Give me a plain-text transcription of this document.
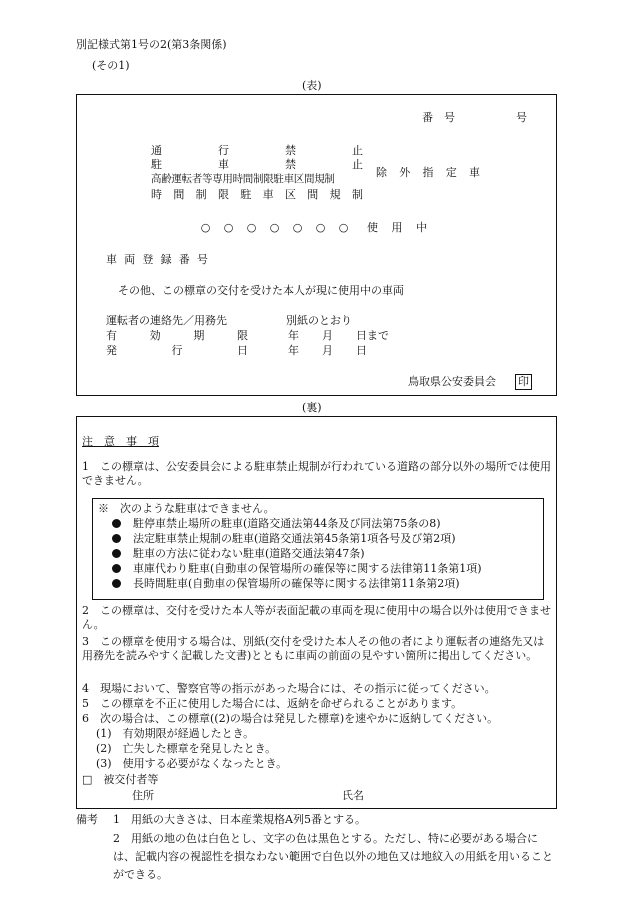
別記様式第1号の2(第3条関係)
(その1)
(表)
番　号	号
通	行	禁	止
駐	車	禁	止
高齢運転者等専用時間制限駐車区間規制
時 間 制 限 駐 車 区 間 規 制
除 外 指 定 車
○ ○ ○ ○ ○ ○ ○ 使 用 中
車 両 登 録 番 号
その他、この標章の交付を受けた本人が現に使用中の車両
運転者の連絡先／用務先	別紙のとおり
有	効	期	限	年 月 日まで
発	行	日	年 月 日
鳥取県公安委員会 印
(裏)
注　意　事　項
1　この標章は、公安委員会による駐車禁止規制が行われている道路の部分以外の場所では使用できません。
※　次のような駐車はできません。
駐停車禁止場所の駐車(道路交通法第44条及び同法第75条の8)
法定駐車禁止規制の駐車(道路交通法第45条第1項各号及び第2項)
駐車の方法に従わない駐車(道路交通法第47条)
車庫代わり駐車(自動車の保管場所の確保等に関する法律第11条第1項)
長時間駐車(自動車の保管場所の確保等に関する法律第11条第2項)
2　この標章は、交付を受けた本人等が表面記載の車両を現に使用中の場合以外は使用できません。
3　この標章を使用する場合は、別紙(交付を受けた本人その他の者により運転者の連絡先又は用務先を読みやすく記載した文書)とともに車両の前面の見やすい箇所に掲出してください。
4　現場において、警察官等の指示があった場合には、その指示に従ってください。
5　この標章を不正に使用した場合には、返納を命ぜられることがあります。
6　次の場合は、この標章((2)の場合は発見した標章)を速やかに返納してください。
(1)　有効期限が経過したとき。
(2)　亡失した標章を発見したとき。
(3)　使用する必要がなくなったとき。
□　被交付者等
住所	氏名
備考 1　用紙の大きさは、日本産業規格A列5番とする。
2　用紙の地の色は白色とし、文字の色は黒色とする。ただし、特に必要がある場合には、記載内容の視認性を損なわない範囲で白色以外の地色又は地紋入の用紙を用いることができる。
